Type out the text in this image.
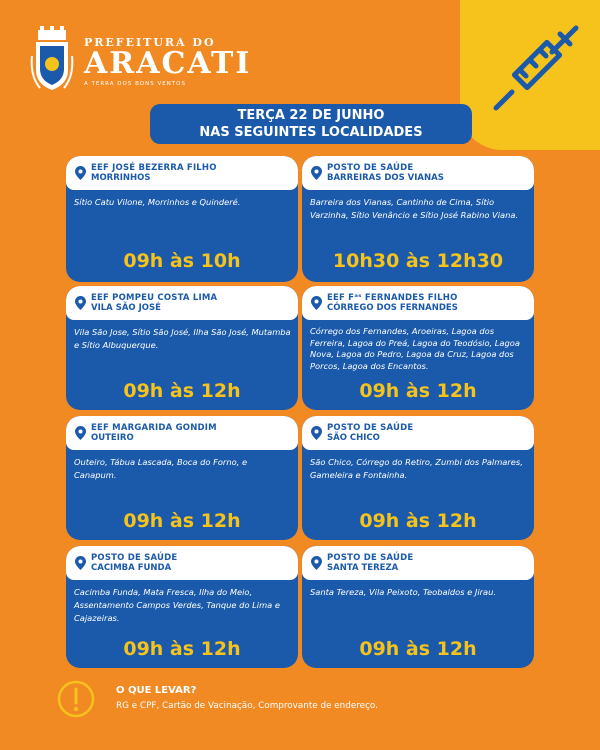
PREFEITURA DO
ARACATI
A TERRA DOS BONS VENTOS
TERÇA 22 DE JUNHO
NAS SEGUINTES LOCALIDADES
EEF JOSÉ BEZERRA FILHO
MORRINHOS
Sítio Catu Vilone, Morrinhos e Quinderé.
09h às 10h
POSTO DE SAÚDE
BARREIRAS DOS VIANAS
Barreira dos Vianas, Cantinho de Cima, Sítio Varzinha, Sítio Venâncio e Sítio José Rabino Viana.
10h30 às 12h30
EEF POMPEU COSTA LIMA
VILA SÃO JOSÉ
Vila São Jose, Sítio São José, Ilha São José, Mutamba e Sítio Albuquerque.
09h às 12h
EEF Fᵃˢ FERNANDES FILHO
CÓRREGO DOS FERNANDES
Córrego dos Fernandes, Aroeiras, Lagoa dos Ferreira, Lagoa do Preá, Lagoa do Teodósio, Lagoa Nova, Lagoa do Pedro, Lagoa da Cruz, Lagoa dos Porcos, Lagoa dos Encantos.
09h às 12h
EEF MARGARIDA GONDIM
OUTEIRO
Outeiro, Tábua Lascada, Boca do Forno, e Canapum.
09h às 12h
POSTO DE SAÚDE
SÃO CHICO
São Chico, Córrego do Retiro, Zumbi dos Palmares, Gameleira e Fontainha.
09h às 12h
POSTO DE SAÚDE
CACIMBA FUNDA
Cacimba Funda, Mata Fresca, Ilha do Meio, Assentamento Campos Verdes, Tanque do Lima e Cajazeiras.
09h às 12h
POSTO DE SAÚDE
SANTA TEREZA
Santa Tereza, Vila Peixoto, Teobaldos e Jirau.
09h às 12h
O QUE LEVAR?
RG e CPF, Cartão de Vacinação, Comprovante de endereço.
